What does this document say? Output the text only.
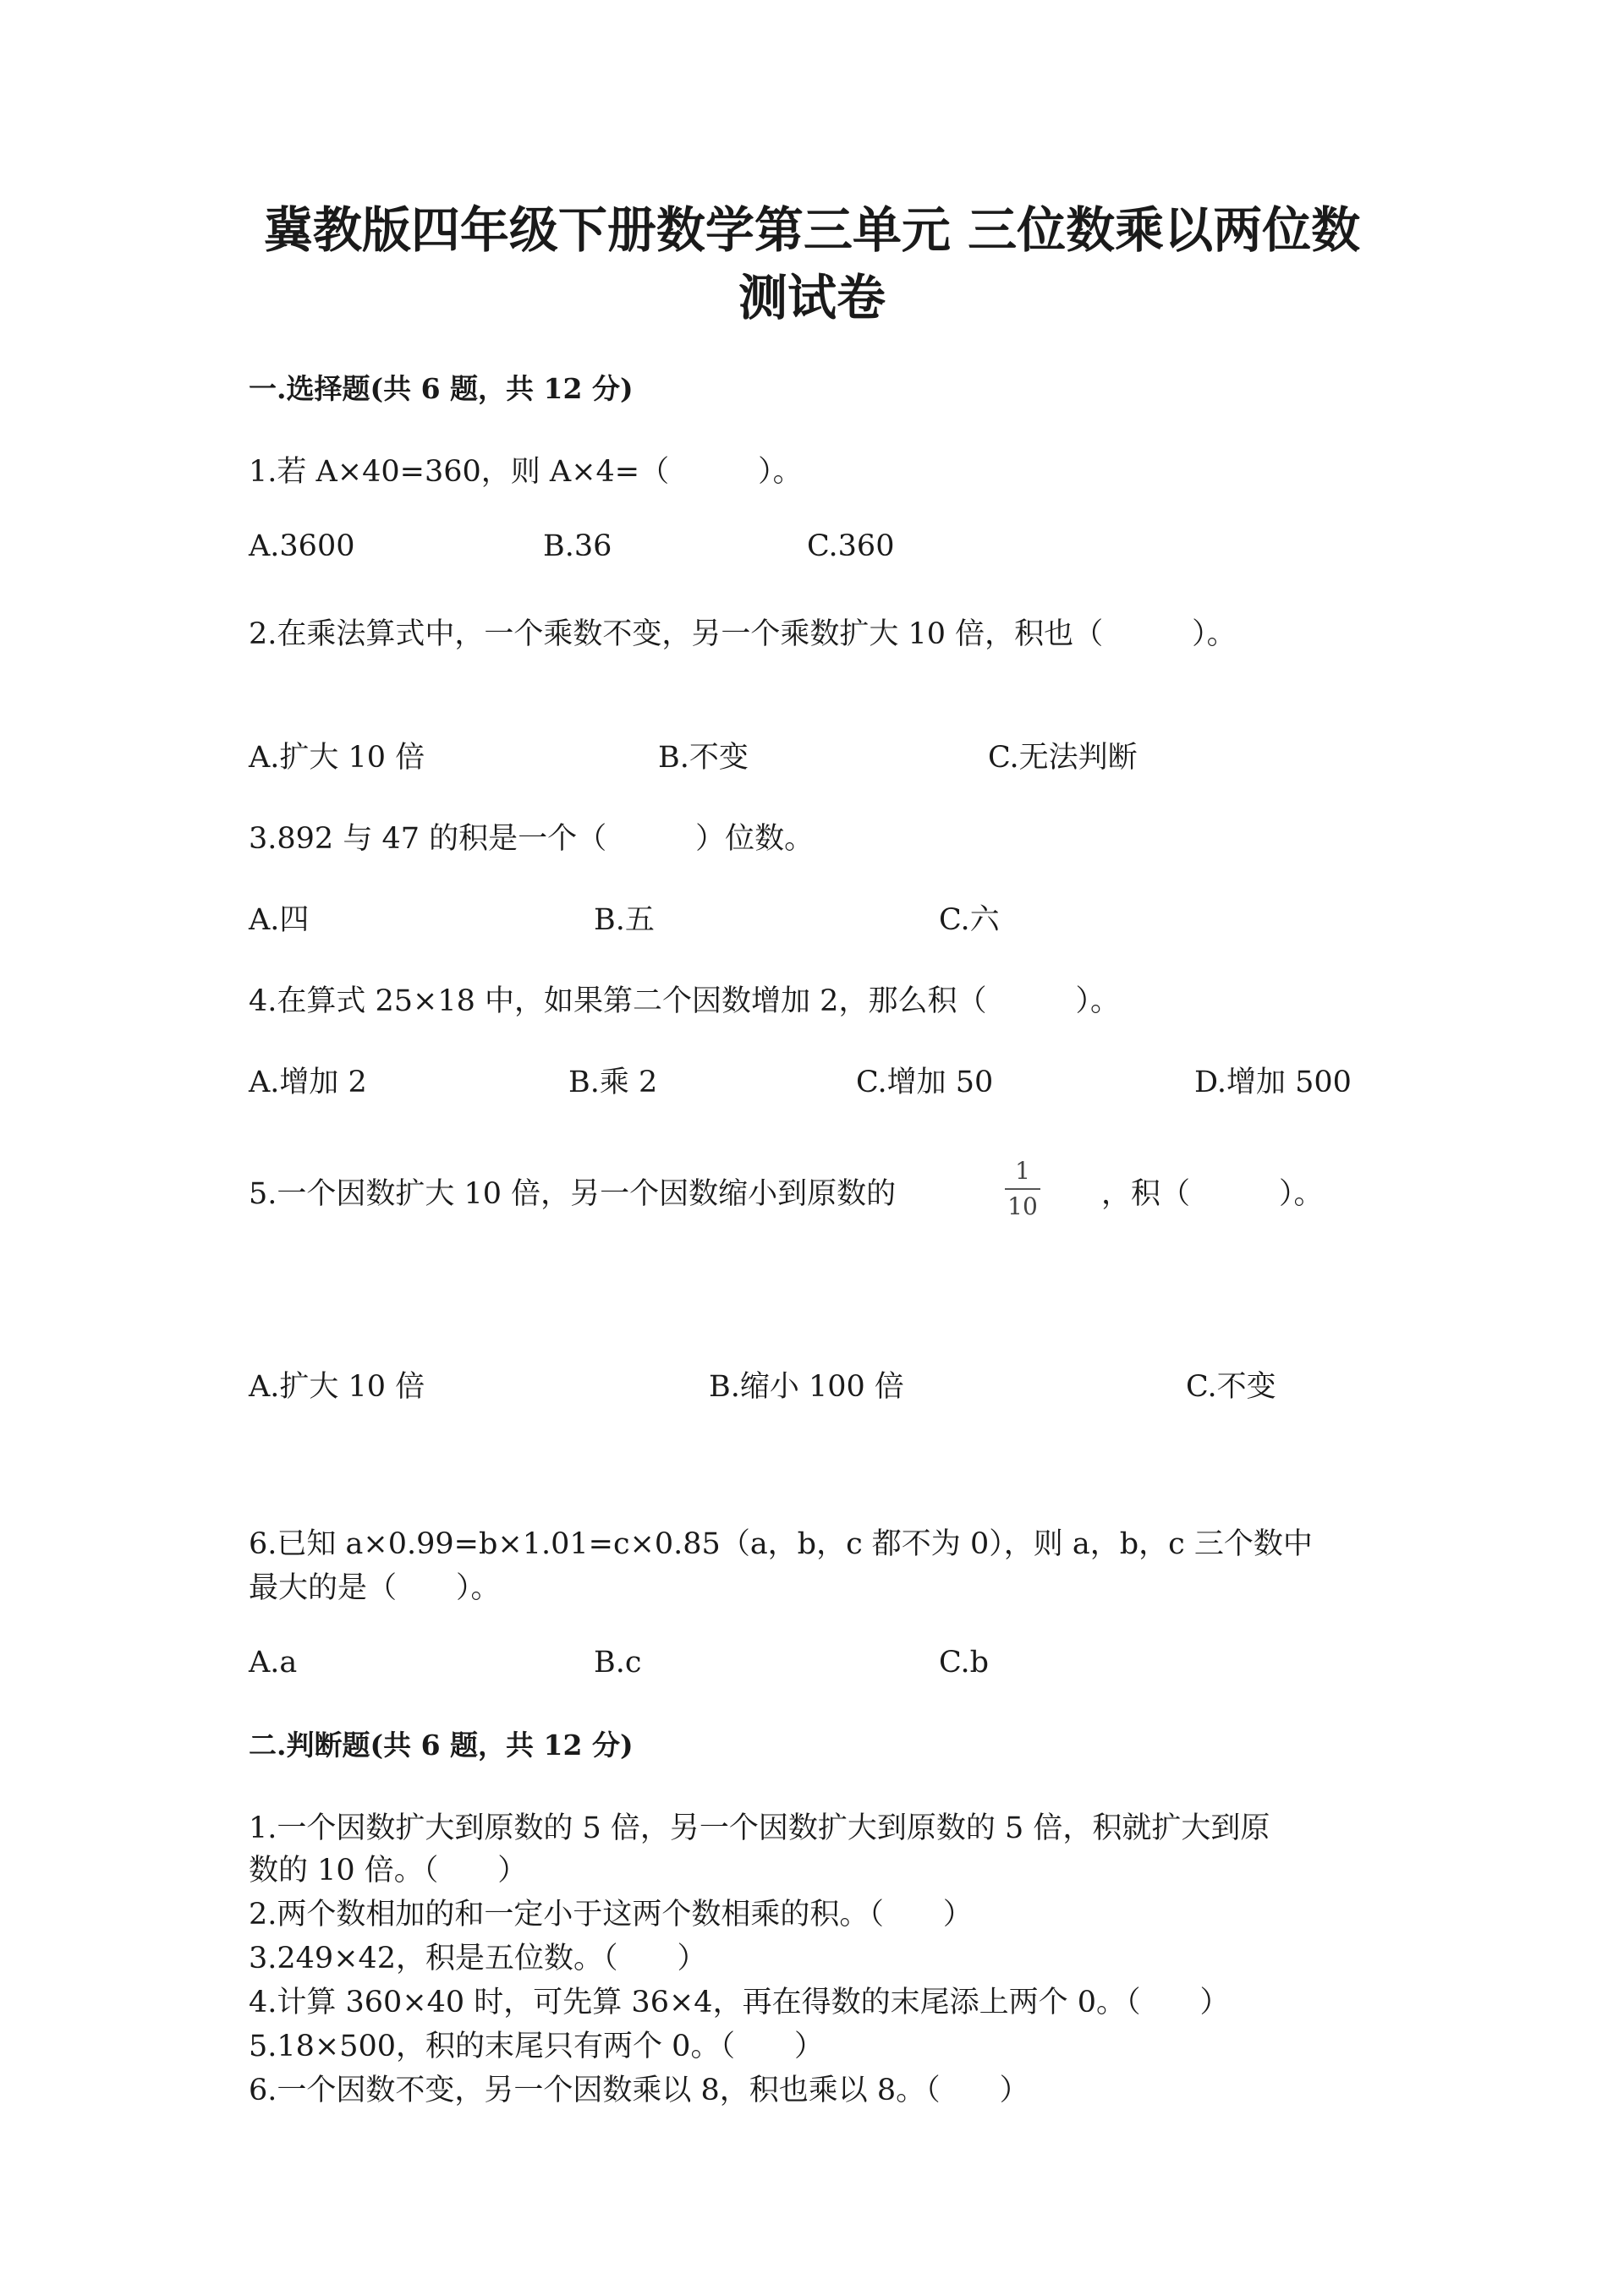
冀教版四年级下册数学第三单元 三位数乘以两位数
测试卷
一.选择题(共 6 题，共 12 分)
1.若 A×40=360，则 A×4=（　　　）。
A.3600	B.36	C.360
2.在乘法算式中，一个乘数不变，另一个乘数扩大 10 倍，积也（　　　）。
A.扩大 10 倍	B.不变	C.无法判断
3.892 与 47 的积是一个（　　　）位数。
A.四	B.五	C.六
4.在算式 25×18 中，如果第二个因数增加 2，那么积（　　　）。
A.增加 2	B.乘 2	C.增加 50	D.增加 500
5.一个因数扩大 10 倍，另一个因数缩小到原数的
1
10 ，积（　　　）。
A.扩大 10 倍	B.缩小 100 倍	C.不变
6.已知 a×0.99=b×1.01=c×0.85（a，b，c 都不为 0），则 a，b，c 三个数中
最大的是（　　）。
A.a	B.c	C.b
二.判断题(共 6 题，共 12 分)
1.一个因数扩大到原数的 5 倍，另一个因数扩大到原数的 5 倍，积就扩大到原
数的 10 倍。（　　）
2.两个数相加的和一定小于这两个数相乘的积。（　　）
3.249×42，积是五位数。（　　）
4.计算 360×40 时，可先算 36×4，再在得数的末尾添上两个 0。（　　）
5.18×500，积的末尾只有两个 0。（　　）
6.一个因数不变，另一个因数乘以 8，积也乘以 8。（　　）
